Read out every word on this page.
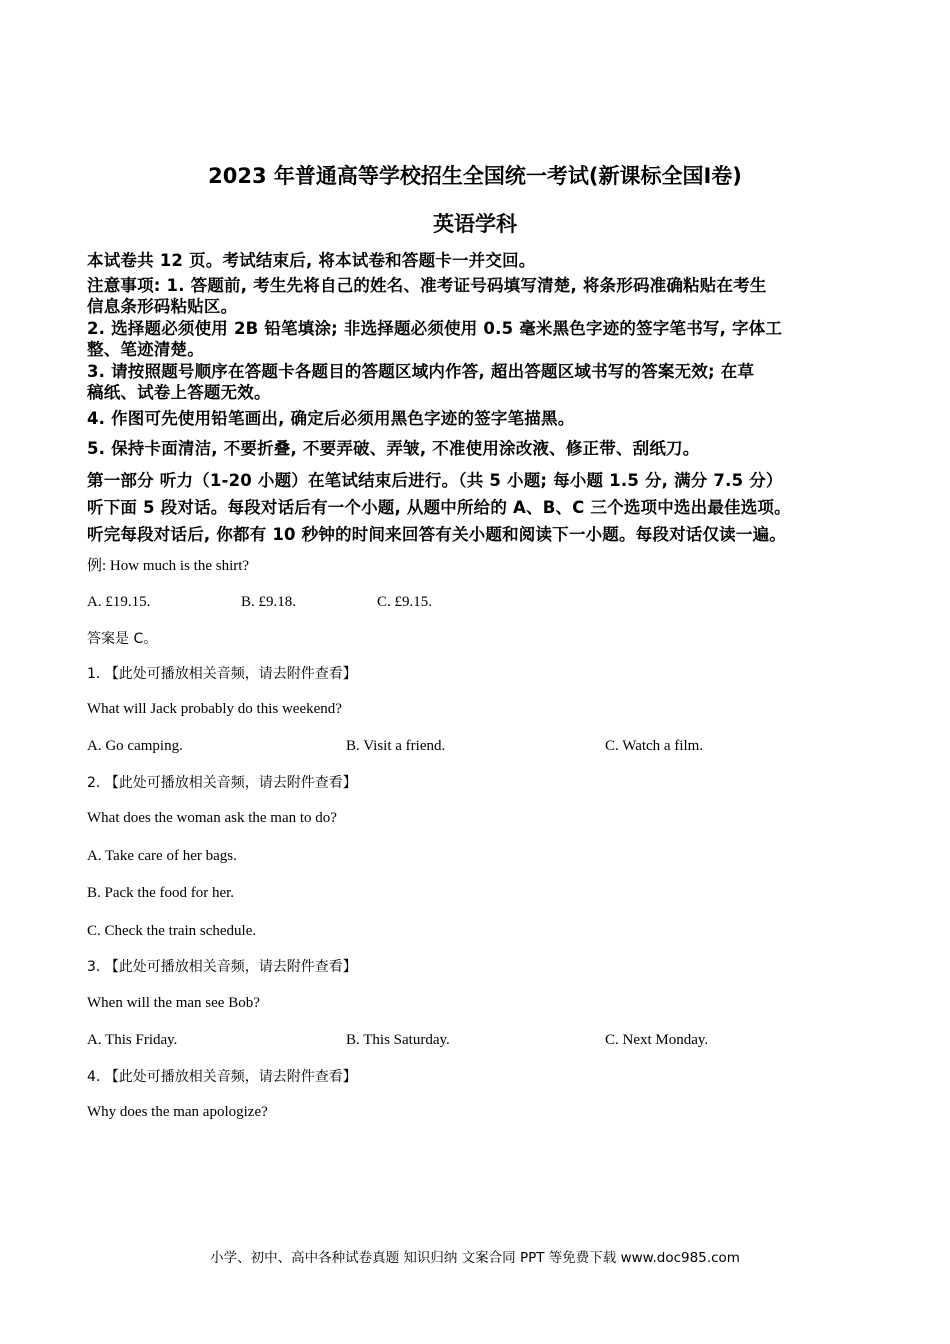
2023 年普通高等学校招生全国统一考试(新课标全国Ⅰ卷)
英语学科
本试卷共 12 页。考试结束后, 将本试卷和答题卡一并交回。
注意事项: 1. 答题前, 考生先将自己的姓名、准考证号码填写清楚, 将条形码准确粘贴在考生
信息条形码粘贴区。
2. 选择题必须使用 2B 铅笔填涂; 非选择题必须使用 0.5 毫米黑色字迹的签字笔书写, 字体工
整、笔迹清楚。
3. 请按照题号顺序在答题卡各题目的答题区域内作答, 超出答题区域书写的答案无效; 在草
稿纸、试卷上答题无效。
4. 作图可先使用铅笔画出, 确定后必须用黑色字迹的签字笔描黑。
5. 保持卡面清洁, 不要折叠, 不要弄破、弄皱, 不准使用涂改液、修正带、刮纸刀。
第一部分 听力（1-20 小题）在笔试结束后进行。（共 5 小题; 每小题 1.5 分, 满分 7.5 分）
听下面 5 段对话。每段对话后有一个小题, 从题中所给的 A、B、C 三个选项中选出最佳选项。
听完每段对话后, 你都有 10 秒钟的时间来回答有关小题和阅读下一小题。每段对话仅读一遍。
例: How much is the shirt?
A. £19.15.	B. £9.18.	C. £9.15.
答案是 C。
1. 【此处可播放相关音频，请去附件查看】
What will Jack probably do this weekend?
A. Go camping.	B. Visit a friend.	C. Watch a film.
2. 【此处可播放相关音频，请去附件查看】
What does the woman ask the man to do?
A. Take care of her bags.
B. Pack the food for her.
C. Check the train schedule.
3. 【此处可播放相关音频，请去附件查看】
When will the man see Bob?
A. This Friday.	B. This Saturday.	C. Next Monday.
4. 【此处可播放相关音频，请去附件查看】
Why does the man apologize?
小学、初中、高中各种试卷真题 知识归纳 文案合同 PPT 等免费下载 www.doc985.com
